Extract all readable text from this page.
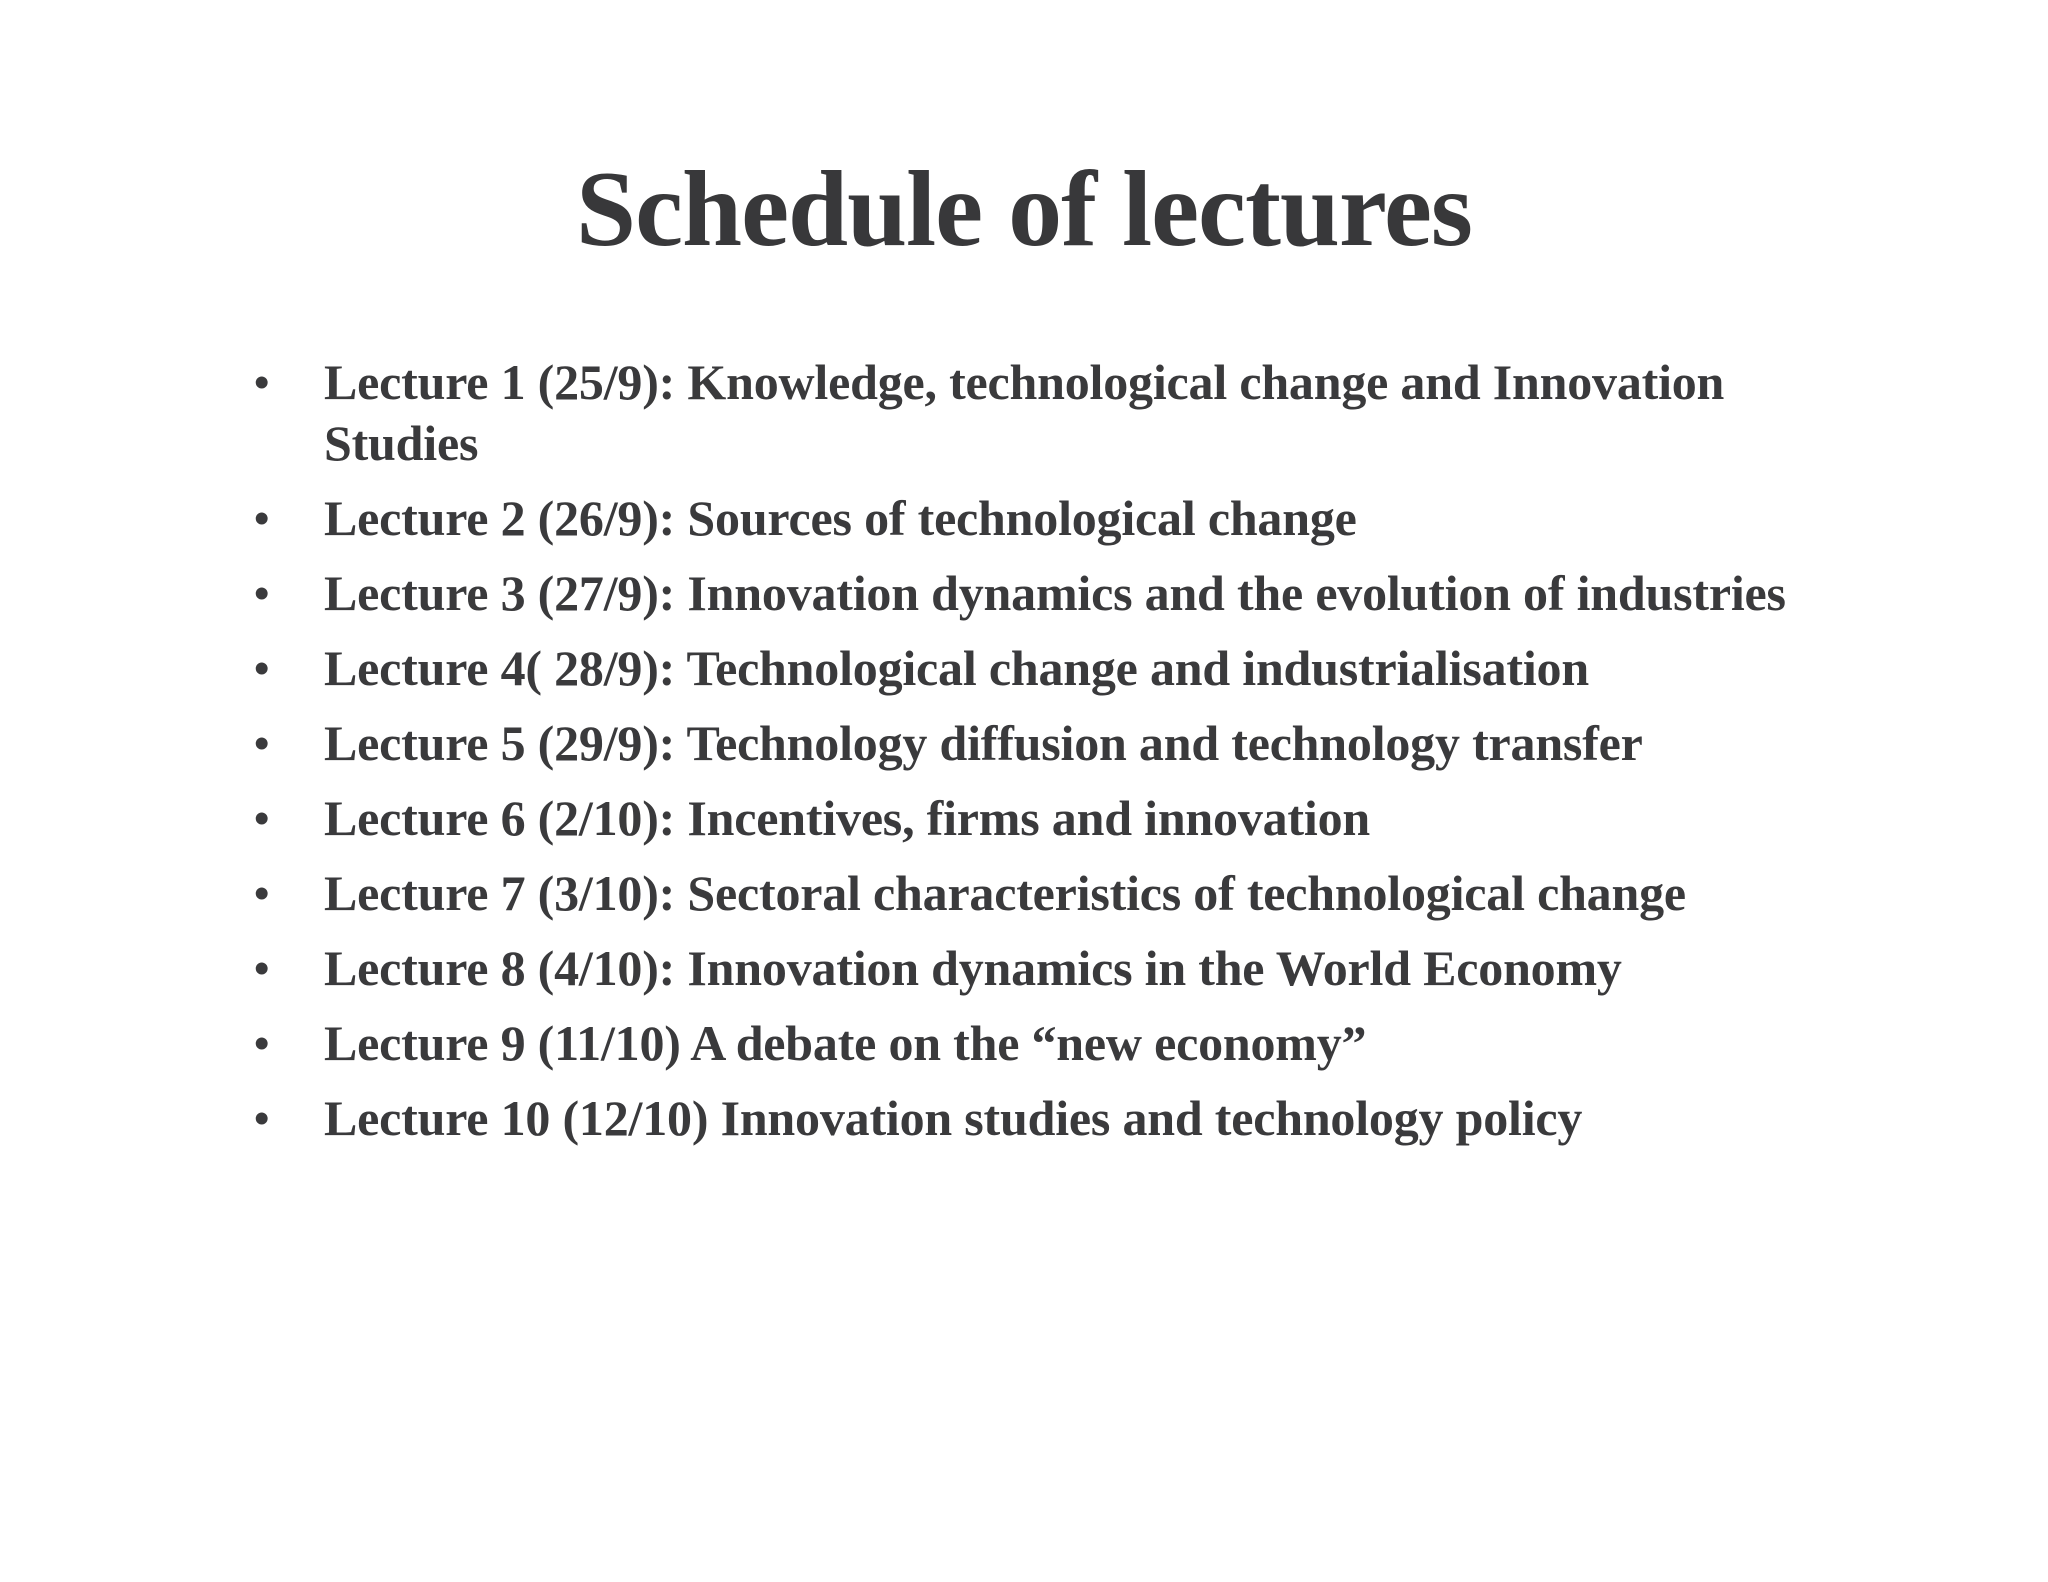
Schedule of lectures
• Lecture 1 (25/9): Knowledge, technological change and Innovation Studies
• Lecture 2 (26/9): Sources of technological change
• Lecture 3 (27/9): Innovation dynamics and the evolution of industries
• Lecture 4( 28/9): Technological change and industrialisation
• Lecture 5 (29/9): Technology diffusion and technology transfer
• Lecture 6 (2/10): Incentives, firms and innovation
• Lecture 7 (3/10): Sectoral characteristics of technological change
• Lecture 8 (4/10): Innovation dynamics in the World Economy
• Lecture 9 (11/10) A debate on the “new economy”
• Lecture 10 (12/10) Innovation studies and technology policy
